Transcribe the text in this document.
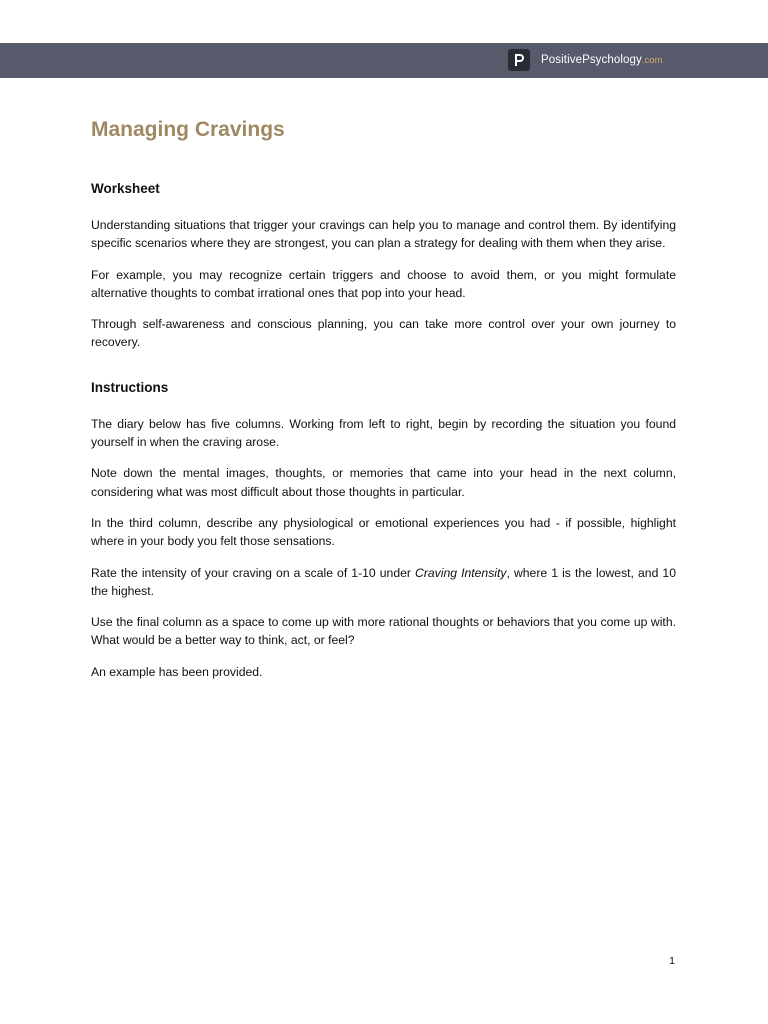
PositivePsychology .com
Managing Cravings
Worksheet

Understanding situations that trigger your cravings can help you to manage and control them. By identifying specific scenarios where they are strongest, you can plan a strategy for dealing with them when they arise.

For example, you may recognize certain triggers and choose to avoid them, or you might formulate alternative thoughts to combat irrational ones that pop into your head.

Through self-awareness and conscious planning, you can take more control over your own journey to recovery.

Instructions

The diary below has five columns. Working from left to right, begin by recording the situation you found yourself in when the craving arose.

Note down the mental images, thoughts, or memories that came into your head in the next column, considering what was most difficult about those thoughts in particular.

In the third column, describe any physiological or emotional experiences you had - if possible, highlight where in your body you felt those sensations.

Rate the intensity of your craving on a scale of 1-10 under Craving Intensity, where 1 is the lowest, and 10 the highest.

Use the final column as a space to come up with more rational thoughts or behaviors that you come up with. What would be a better way to think, act, or feel?

An example has been provided.

1
